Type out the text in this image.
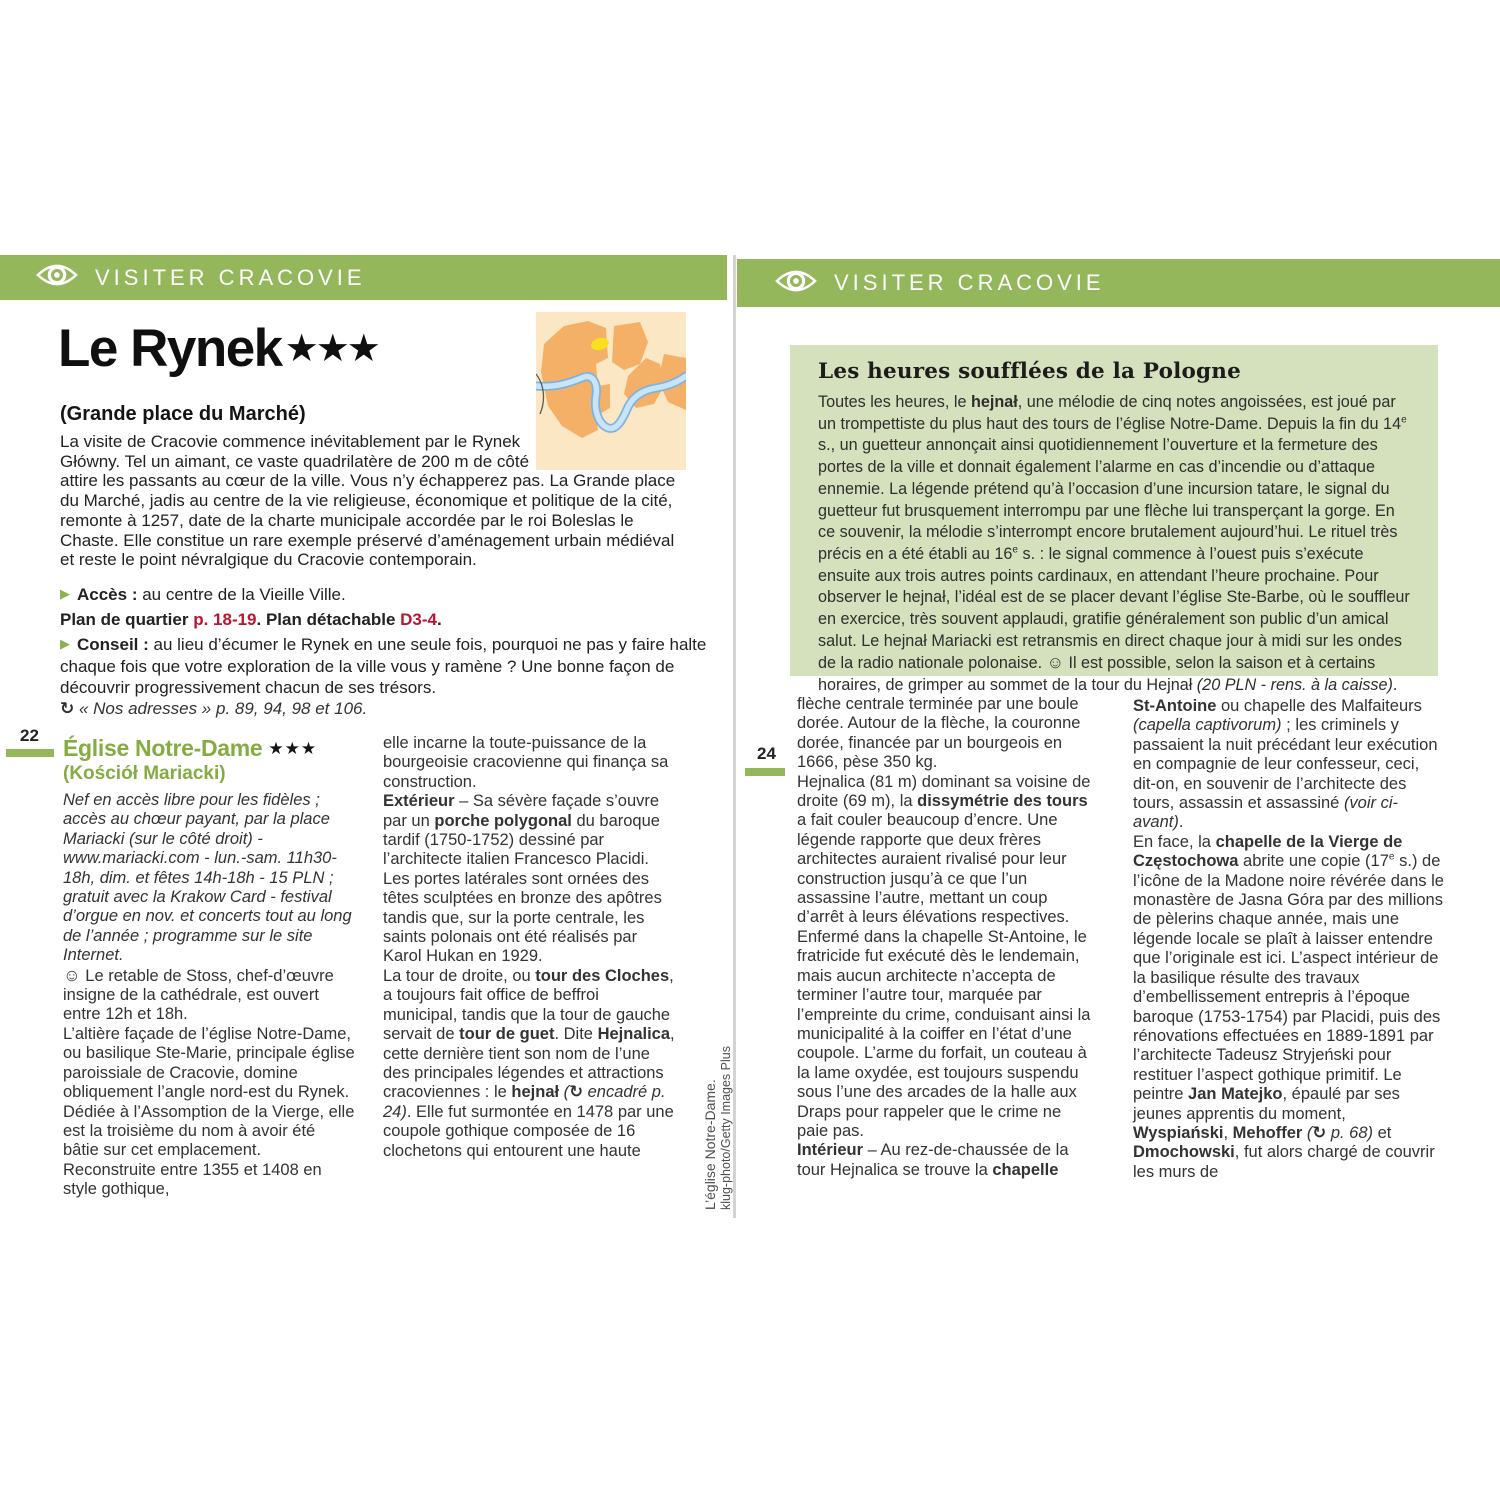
VISITER CRACOVIE	VISITER CRACOVIE
Le Rynek★★★
(Grande place du Marché)

La visite de Cracovie commence inévitablement par le Rynek Główny. Tel un aimant, ce vaste quadrilatère de 200 m de côté attire les passants au cœur de la ville. Vous n’y échapperez pas. La Grande place du Marché, jadis au centre de la vie religieuse, économique et politique de la cité, remonte à 1257, date de la charte municipale accordée par le roi Boleslas le Chaste. Elle constitue un rare exemple préservé d’aménagement urbain médiéval et reste le point névralgique du Cracovie contemporain.

▶ Accès : au centre de la Vieille Ville.
Plan de quartier p. 18-19. Plan détachable D3-4.
▶ Conseil : au lieu d’écumer le Rynek en une seule fois, pourquoi ne pas y faire halte chaque fois que votre exploration de la ville vous y ramène ? Une bonne façon de découvrir progressivement chacun de ses trésors.
↻ « Nos adresses » p. 89, 94, 98 et 106.
22 Église Notre-Dame ★★★
(Kościół Mariacki)
Nef en accès libre pour les fidèles ; accès au chœur payant, par la place Mariacki (sur le côté droit) - www.mariacki.com - lun.-sam. 11h30-18h, dim. et fêtes 14h-18h - 15 PLN ; gratuit avec la Krakow Card - festival d’orgue en nov. et concerts tout au long de l’année ; programme sur le site Internet.
☺ Le retable de Stoss, chef-d’œuvre insigne de la cathédrale, est ouvert entre 12h et 18h.
L’altière façade de l’église Notre-Dame, ou basilique Ste-Marie, principale église paroissiale de Cracovie, domine obliquement l’angle nord-est du Rynek. Dédiée à l’Assomption de la Vierge, elle est la troisième du nom à avoir été bâtie sur cet emplacement. Reconstruite entre 1355 et 1408 en style gothique,
elle incarne la toute-puissance de la bourgeoisie cracovienne qui finança sa construction.
Extérieur – Sa sévère façade s’ouvre par un porche polygonal du baroque tardif (1750-1752) dessiné par l’architecte italien Francesco Placidi. Les portes latérales sont ornées des têtes sculptées en bronze des apôtres tandis que, sur la porte centrale, les saints polonais ont été réalisés par Karol Hukan en 1929.
La tour de droite, ou tour des Cloches, a toujours fait office de beffroi municipal, tandis que la tour de gauche servait de tour de guet. Dite Hejnalica, cette dernière tient son nom de l’une des principales légendes et attractions cracoviennes : le hejnał (↻ encadré p. 24). Elle fut surmontée en 1478 par une coupole gothique composée de 16 clochetons qui entourent une haute	L’église Notre-Dame. klug-photo/Getty Images Plus
Les heures soufflées de la Pologne
Toutes les heures, le hejnał, une mélodie de cinq notes angoissées, est joué par un trompettiste du plus haut des tours de l’église Notre-Dame. Depuis la fin du 14e s., un guetteur annonçait ainsi quotidiennement l’ouverture et la fermeture des portes de la ville et donnait également l’alarme en cas d’incendie ou d’attaque ennemie. La légende prétend qu’à l’occasion d’une incursion tatare, le signal du guetteur fut brusquement interrompu par une flèche lui transperçant la gorge. En ce souvenir, la mélodie s’interrompt encore brutalement aujourd’hui. Le rituel très précis en a été établi au 16e s. : le signal commence à l’ouest puis s’exécute ensuite aux trois autres points cardinaux, en attendant l’heure prochaine. Pour observer le hejnał, l’idéal est de se placer devant l’église Ste-Barbe, où le souffleur en exercice, très souvent applaudi, gratifie généralement son public d’un amical salut. Le hejnał Mariacki est retransmis en direct chaque jour à midi sur les ondes de la radio nationale polonaise. ☺ Il est possible, selon la saison et à certains horaires, de grimper au sommet de la tour du Hejnał (20 PLN - rens. à la caisse).
24
flèche centrale terminée par une boule dorée. Autour de la flèche, la couronne dorée, financée par un bourgeois en 1666, pèse 350 kg.
Hejnalica (81 m) dominant sa voisine de droite (69 m), la dissymétrie des tours a fait couler beaucoup d’encre. Une légende rapporte que deux frères architectes auraient rivalisé pour leur construction jusqu’à ce que l’un assassine l’autre, mettant un coup d’arrêt à leurs élévations respectives. Enfermé dans la chapelle St-Antoine, le fratricide fut exécuté dès le lendemain, mais aucun architecte n’accepta de terminer l’autre tour, marquée par l’empreinte du crime, conduisant ainsi la municipalité à la coiffer en l’état d’une coupole. L’arme du forfait, un couteau à la lame oxydée, est toujours suspendu sous l’une des arcades de la halle aux Draps pour rappeler que le crime ne paie pas.
Intérieur – Au rez-de-chaussée de la tour Hejnalica se trouve la chapelle
St-Antoine ou chapelle des Malfaiteurs (capella captivorum) ; les criminels y passaient la nuit précédant leur exécution en compagnie de leur confesseur, ceci, dit-on, en souvenir de l’architecte des tours, assassin et assassiné (voir ci-avant).
En face, la chapelle de la Vierge de Częstochowa abrite une copie (17e s.) de l’icône de la Madone noire révérée dans le monastère de Jasna Góra par des millions de pèlerins chaque année, mais une légende locale se plaît à laisser entendre que l’originale est ici. L’aspect intérieur de la basilique résulte des travaux d’embellissement entrepris à l’époque baroque (1753-1754) par Placidi, puis des rénovations effectuées en 1889-1891 par l’architecte Tadeusz Stryjeński pour restituer l’aspect gothique primitif. Le peintre Jan Matejko, épaulé par ses jeunes apprentis du moment, Wyspiański, Mehoffer (↻ p. 68) et Dmochowski, fut alors chargé de couvrir les murs de
